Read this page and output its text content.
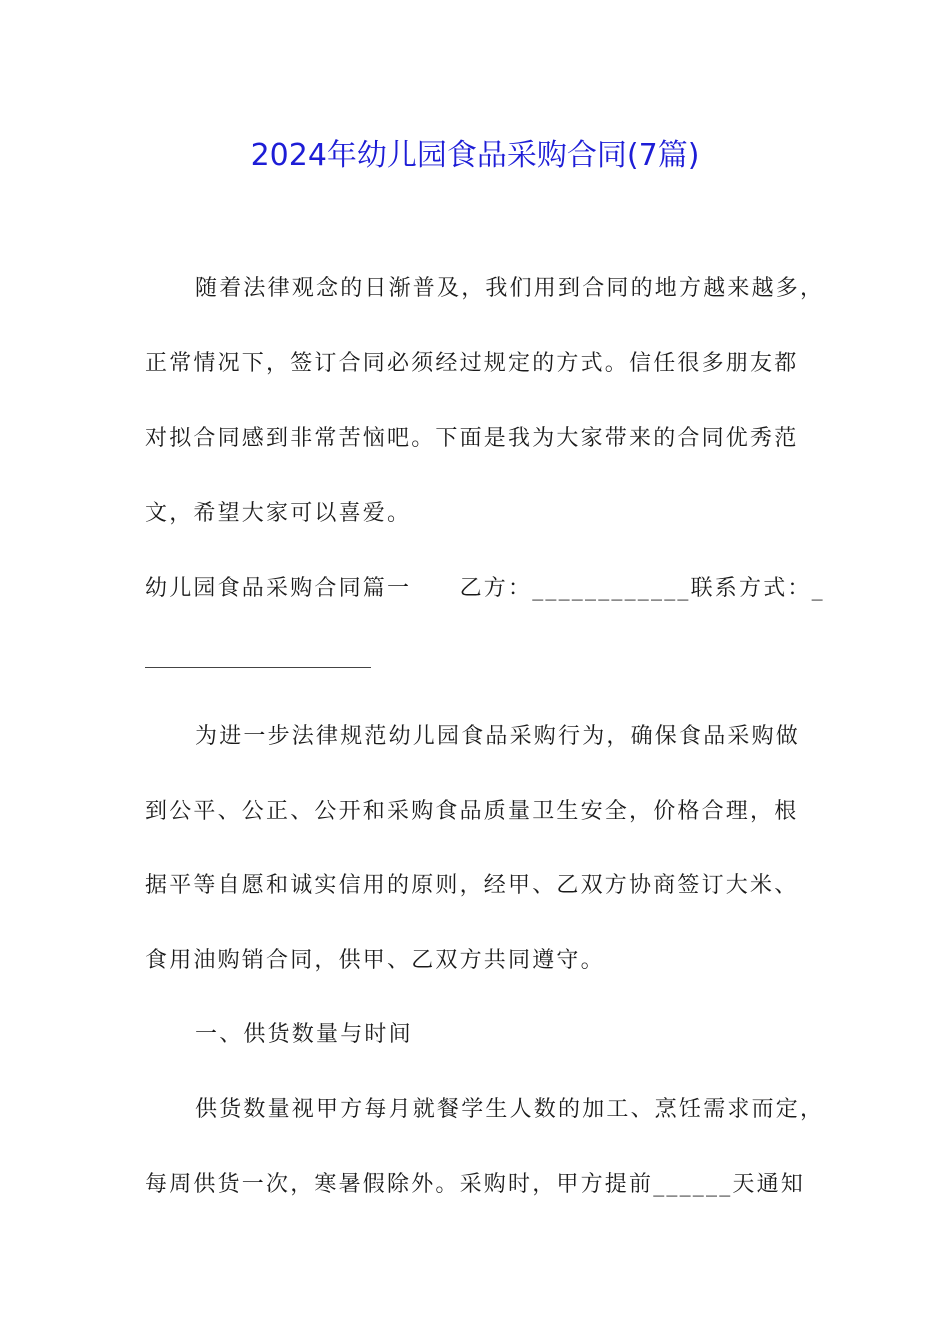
2024年幼儿园食品采购合同(7篇)
随着法律观念的日渐普及，我们用到合同的地方越来越多，
正常情况下，签订合同必须经过规定的方式。信任很多朋友都
对拟合同感到非常苦恼吧。下面是我为大家带来的合同优秀范
文，希望大家可以喜爱。
幼儿园食品采购合同篇一　　乙方：____________联系方式：_
为进一步法律规范幼儿园食品采购行为，确保食品采购做
到公平、公正、公开和采购食品质量卫生安全，价格合理，根
据平等自愿和诚实信用的原则，经甲、乙双方协商签订大米、
食用油购销合同，供甲、乙双方共同遵守。
一、供货数量与时间
供货数量视甲方每月就餐学生人数的加工、烹饪需求而定，
每周供货一次，寒暑假除外。采购时，甲方提前______天通知
